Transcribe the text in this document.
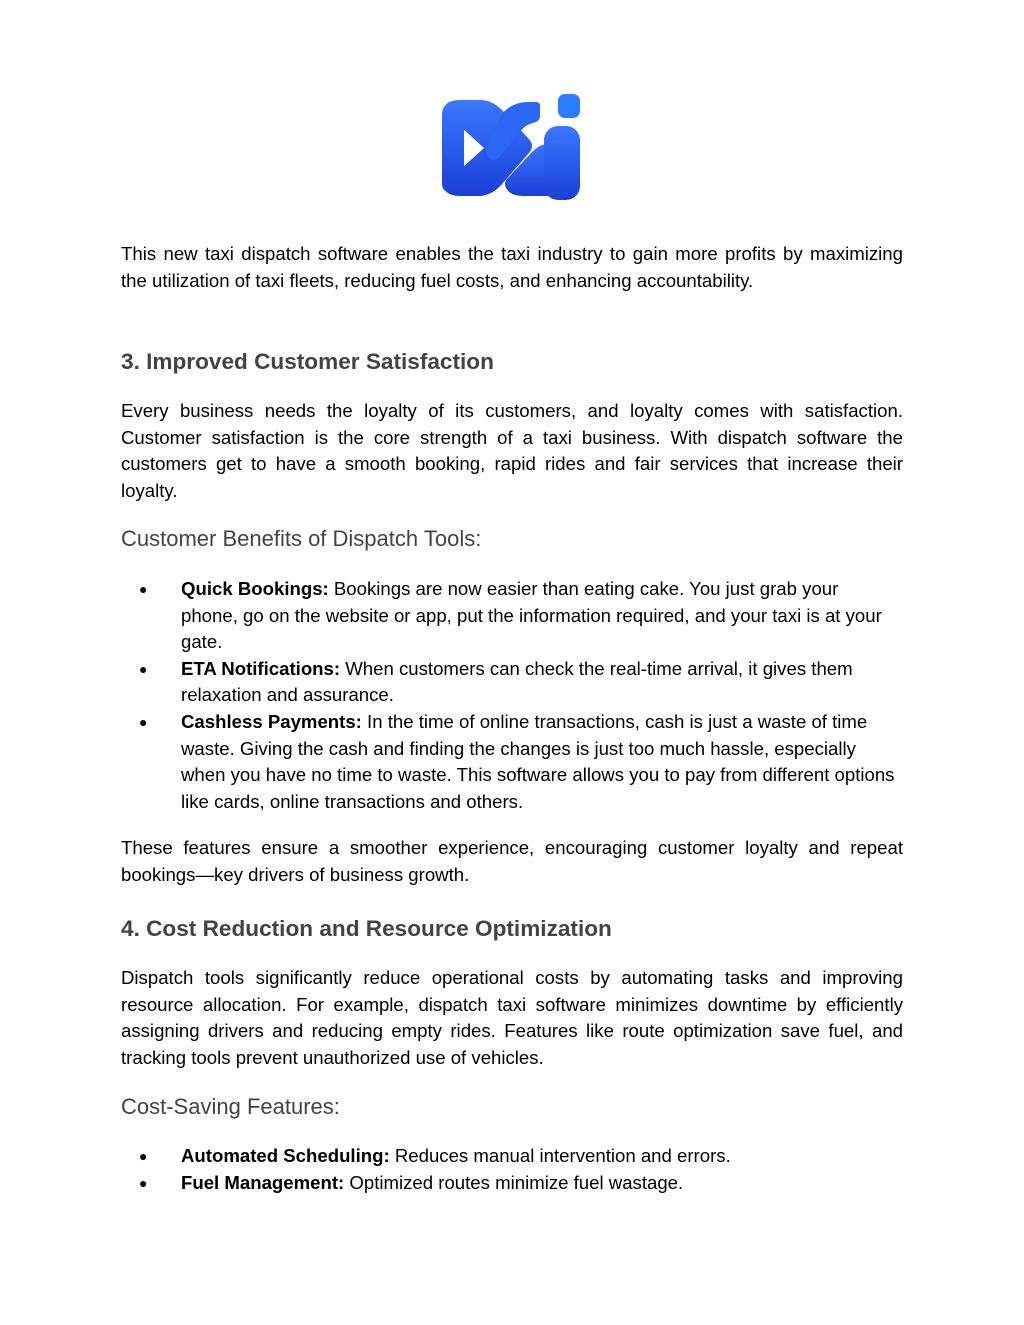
This new taxi dispatch software enables the taxi industry to gain more profits by maximizing the utilization of taxi fleets, reducing fuel costs, and enhancing accountability.

3. Improved Customer Satisfaction

Every business needs the loyalty of its customers, and loyalty comes with satisfaction. Customer satisfaction is the core strength of a taxi business. With dispatch software the customers get to have a smooth booking, rapid rides and fair services that increase their loyalty.

Customer Benefits of Dispatch Tools:
● Quick Bookings: Bookings are now easier than eating cake. You just grab your phone, go on the website or app, put the information required, and your taxi is at your gate.
● ETA Notifications: When customers can check the real-time arrival, it gives them relaxation and assurance.
● Cashless Payments: In the time of online transactions, cash is just a waste of time waste. Giving the cash and finding the changes is just too much hassle, especially when you have no time to waste. This software allows you to pay from different options like cards, online transactions and others.

These features ensure a smoother experience, encouraging customer loyalty and repeat bookings—key drivers of business growth.

4. Cost Reduction and Resource Optimization

Dispatch tools significantly reduce operational costs by automating tasks and improving resource allocation. For example, dispatch taxi software minimizes downtime by efficiently assigning drivers and reducing empty rides. Features like route optimization save fuel, and tracking tools prevent unauthorized use of vehicles.

Cost-Saving Features:
● Automated Scheduling: Reduces manual intervention and errors.
● Fuel Management: Optimized routes minimize fuel wastage.
